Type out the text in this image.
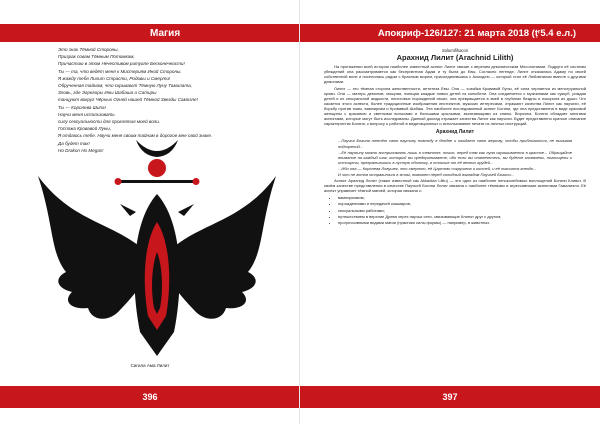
Магия
Это знак Тёмной Стороны,
Призрак совам Тёмным Потомкам,
Причастию в этом Нечестивом ритуале Бесконечности!
Ты — та, что ведёт меня к Мистериям Иной Стороны.
Я жажду тебя Лилит Страсти, Родовы и Смерти!
Обрученная тайнам, что скрывают Тёмную Луну Тамилата,
Зловь, где Эгрегоры Ины Шабаша и Сатиры
танцуют вокруг Чёрных Огней нашей Тёмной Звезды Самоэле!
Ты — Королева Шипа!
Научи меня использовать
силу сексуальности для проклятия моей воли.
Госпожа Кровавой Луны,
Я отдаюсь тебе. Научи меня своим тайнам в дорогое мне свой знаке.
Да будет так!
Ho Drakon Ho Megas!
Сигила Ама Лилит
396
Апокриф-126/127: 21 марта 2018 (ṭʳ5.4 e.л.)
Solomifihacori
Арахнид Лилит (Arachnid Lilith)

На протяжении всей истории наиболее известный аспект Лилит связан с верхним демоническим Месопотамии. Подруги её системы убеждений она рассматривается как бесприютная Адам и ту была до Евы. Согласно легенде, Лилит отказалась Адаму по своей собственной воле и поселилась рядом с Красным морем, присоединившись к Асмодею — который стал её Любовником вместе с другими демонами.

Лилит — это тёмная сторона женственности, антитеза Евы. Она — хозяйка Кровавой Луны, её сила черпается из менструальной крови. Она — матерь демонов, мощная, поющая каждые новых детей из колыбели. Она соединяется с мужчинами как суккуб, рождая детей и их сексуальной жидкости, неистовых порождений своих, она превращается в змей в глубинах бездны и покорила их души. Что касается этого аспекта, более традиционные изображения инстинктов, мужских интересами, отражают качества Лилит как паучихи, её борьбу против тьмы, вампиризм и Кровавый Шабаш. Эта наиболее исследованный аспект Богини, где она представлена в виде красивой женщины с красивою и светлыми волосами и большими крыльями, вылезающими из спины. Впрочем, Богиня обладает многими аспектами, которые могут быть исследованы. Данный доклад отражает качества Лилит как паучихи. Будет представлено краткое описание характеристик Богини, к вопросу о работой в медитационных и использование печати из личных инструкций.

Арахнид Лилит

...Паучья Богиня плетёт свою паутину повсюду в бездне и ожидает свою жертву, чтобы приблизиться, не вызывая подозрений...

...Её паутину можно воспринимать лишь в темноте, ночью, перед тем как луна окрашивается в красное... Обращайте внимание на каждый шаг, который вы предпринимаете, ибо если вы отвлечетесь, вы будете захвачены, поглощены и истощены, превратившись в пустую оболочку, в отличие от её вечных грудей...

...Ибо она — Королева Ловушек, это смертно, её Царство сокрушена и костей, и её покоится гнездо...

И что не готов отправиться в этим, поможет перед холодный взглядом Паучьей Богини...

Аспект Арахнид Лилит (также известный как Akkadian Lilitu) — это одно из наиболее непоколебимых воплощений Богини Кливот. В своём качестве представления в качестве Паучьей Богини Лилит связана с наиболее тёмными и агрессивными аспектами Гамалиэля. Её аспект управляет тёмной магией, которая связана с:

• вампиризмом;
• порождениями и передачей кошмаров;
• сексуальными работами;
• путешествием в верхние Древа через паучьи сети, связывающие Клипот друг с другом;
• прогрессивными видами магии (практики силы формы) — например, в животных.
397
